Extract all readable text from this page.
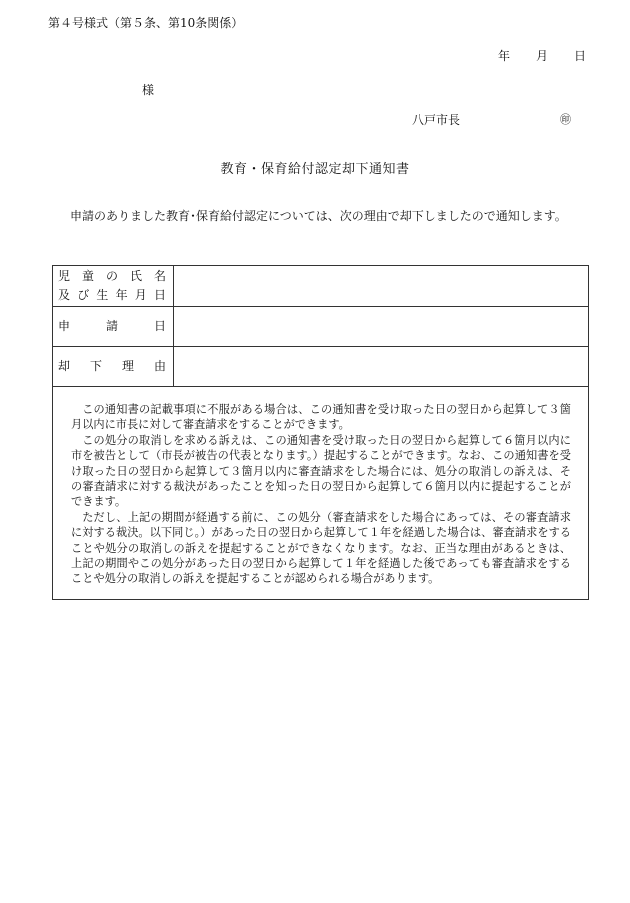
第４号様式（第５条、第10条関係）
年 月 日
様
八戸市長	㊞
教育・保育給付認定却下通知書
申請のありました教育･保育給付認定については、次の理由で却下しましたので通知します。
児童の氏名
及び生年月日
申請日
却下理由

この通知書の記載事項に不服がある場合は、この通知書を受け取った日の翌日から起算して３箇月以内に市長に対して審査請求をすることができます。

この処分の取消しを求める訴えは、この通知書を受け取った日の翌日から起算して６箇月以内に市を被告として（市長が被告の代表となります。）提起することができます。なお、この通知書を受け取った日の翌日から起算して３箇月以内に審査請求をした場合には、処分の取消しの訴えは、その審査請求に対する裁決があったことを知った日の翌日から起算して６箇月以内に提起することができます。

ただし、上記の期間が経過する前に、この処分（審査請求をした場合にあっては、その審査請求に対する裁決。以下同じ。）があった日の翌日から起算して１年を経過した場合は、審査請求をすることや処分の取消しの訴えを提起することができなくなります。なお、正当な理由があるときは、上記の期間やこの処分があった日の翌日から起算して１年を経過した後であっても審査請求をすることや処分の取消しの訴えを提起することが認められる場合があります。
